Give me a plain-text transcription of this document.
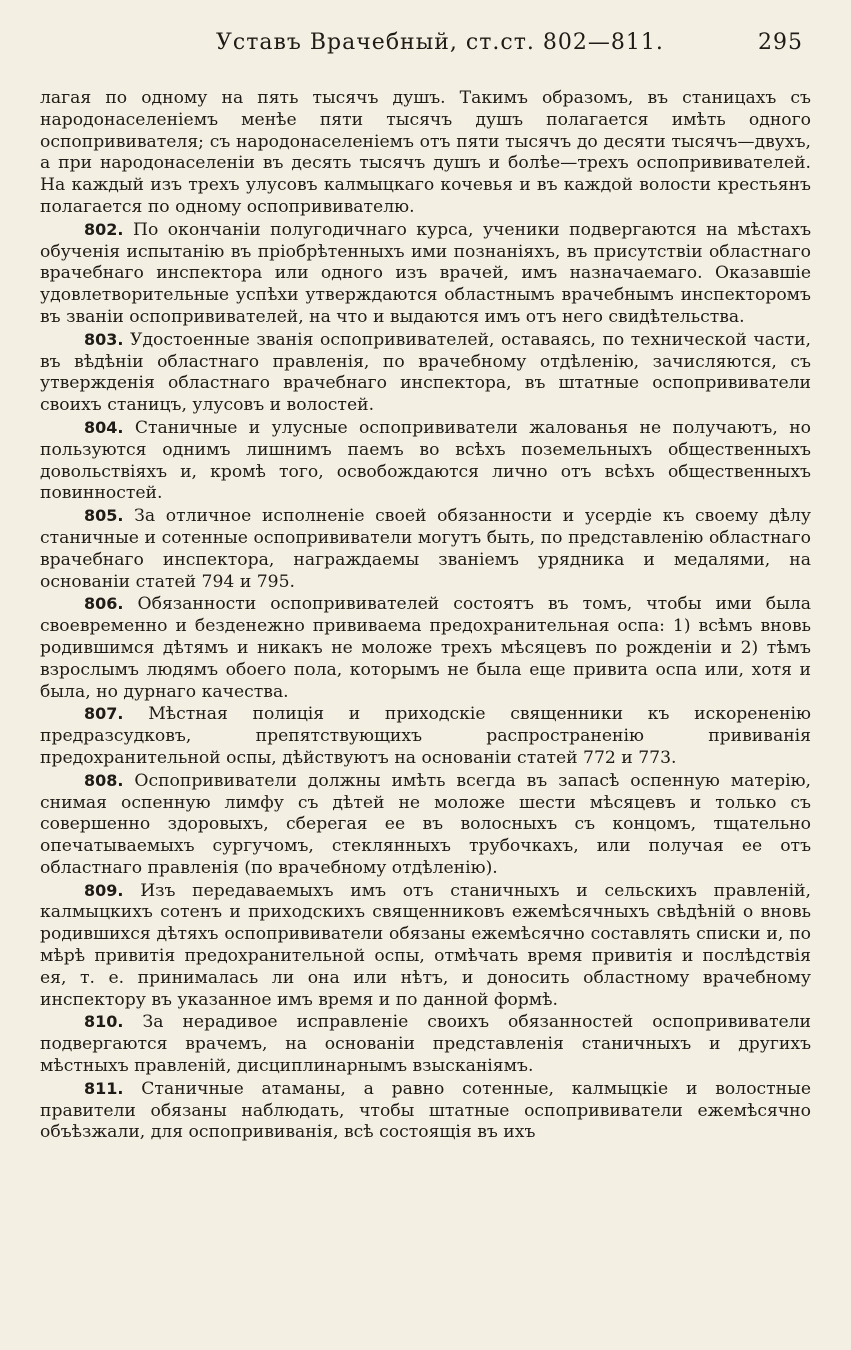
Уставъ Врачебный, ст.ст. 802—811.	295

лагая по одному на пять тысячъ душъ. Такимъ образомъ, въ станицахъ съ народонаселеніемъ менѣе пяти тысячъ душъ полагается имѣть одного оспопрививателя; съ народонаселеніемъ отъ пяти тысячъ до десяти тысячъ—двухъ, а при народонаселеніи въ десять тысячъ душъ и болѣе—трехъ оспопрививателей. На каждый изъ трехъ улусовъ калмыцкаго кочевья и въ каждой волости крестьянъ полагается по одному оспопрививателю.

802. По окончаніи полугодичнаго курса, ученики подвергаются на мѣстахъ обученія испытанію въ пріобрѣтенныхъ ими познаніяхъ, въ присутствіи областнаго врачебнаго инспектора или одного изъ врачей, имъ назначаемаго. Оказавшіе удовлетворительные успѣхи утверждаются областнымъ врачебнымъ инспекторомъ въ званіи оспопрививателей, на что и выдаются имъ отъ него свидѣтельства.

803. Удостоенные званія оспопрививателей, оставаясь, по технической части, въ вѣдѣніи областнаго правленія, по врачебному отдѣленію, зачисляются, съ утвержденія областнаго врачебнаго инспектора, въ штатные оспопрививатели своихъ станицъ, улусовъ и волостей.

804. Станичные и улусные оспопрививатели жалованья не получаютъ, но пользуются однимъ лишнимъ паемъ во всѣхъ поземельныхъ общественныхъ довольствіяхъ и, кромѣ того, освобождаются лично отъ всѣхъ общественныхъ повинностей.

805. За отличное исполненіе своей обязанности и усердіе къ своему дѣлу станичные и сотенные оспопрививатели могутъ быть, по представленію областнаго врачебнаго инспектора, награждаемы званіемъ урядника и медалями, на основаніи статей 794 и 795.

806. Обязанности оспопрививателей состоятъ въ томъ, чтобы ими была своевременно и безденежно прививаема предохранительная оспа: 1) всѣмъ вновь родившимся дѣтямъ и никакъ не моложе трехъ мѣсяцевъ по рожденіи и 2) тѣмъ взрослымъ людямъ обоего пола, которымъ не была еще привита оспа или, хотя и была, но дурнаго качества.

807. Мѣстная полиція и приходскіе священники къ искорененію предразсудковъ, препятствующихъ распространенію прививанія предохранительной оспы, дѣйствуютъ на основаніи статей 772 и 773.

808. Оспопрививатели должны имѣть всегда въ запасѣ оспенную матерію, снимая оспенную лимфу съ дѣтей не моложе шести мѣсяцевъ и только съ совершенно здоровыхъ, сберегая ее въ волосныхъ съ концомъ, тщательно опечатываемыхъ сургучомъ, стеклянныхъ трубочкахъ, или получая ее отъ областнаго правленія (по врачебному отдѣленію).

809. Изъ передаваемыхъ имъ отъ станичныхъ и сельскихъ правленій, калмыцкихъ сотенъ и приходскихъ священниковъ ежемѣсячныхъ свѣдѣній о вновь родившихся дѣтяхъ оспопрививатели обязаны ежемѣсячно составлять списки и, по мѣрѣ привитія предохранительной оспы, отмѣчать время привитія и послѣдствія ея, т. е. принималась ли она или нѣтъ, и доносить областному врачебному инспектору въ указанное имъ время и по данной формѣ.

810. За нерадивое исправленіе своихъ обязанностей оспопрививатели подвергаются врачемъ, на основаніи представленія станичныхъ и другихъ мѣстныхъ правленій, дисциплинарнымъ взысканіямъ.

811. Станичные атаманы, а равно сотенные, калмыцкіе и волостные правители обязаны наблюдать, чтобы штатные оспопрививатели ежемѣсячно объѣзжали, для оспопрививанія, всѣ состоящія въ ихъ
